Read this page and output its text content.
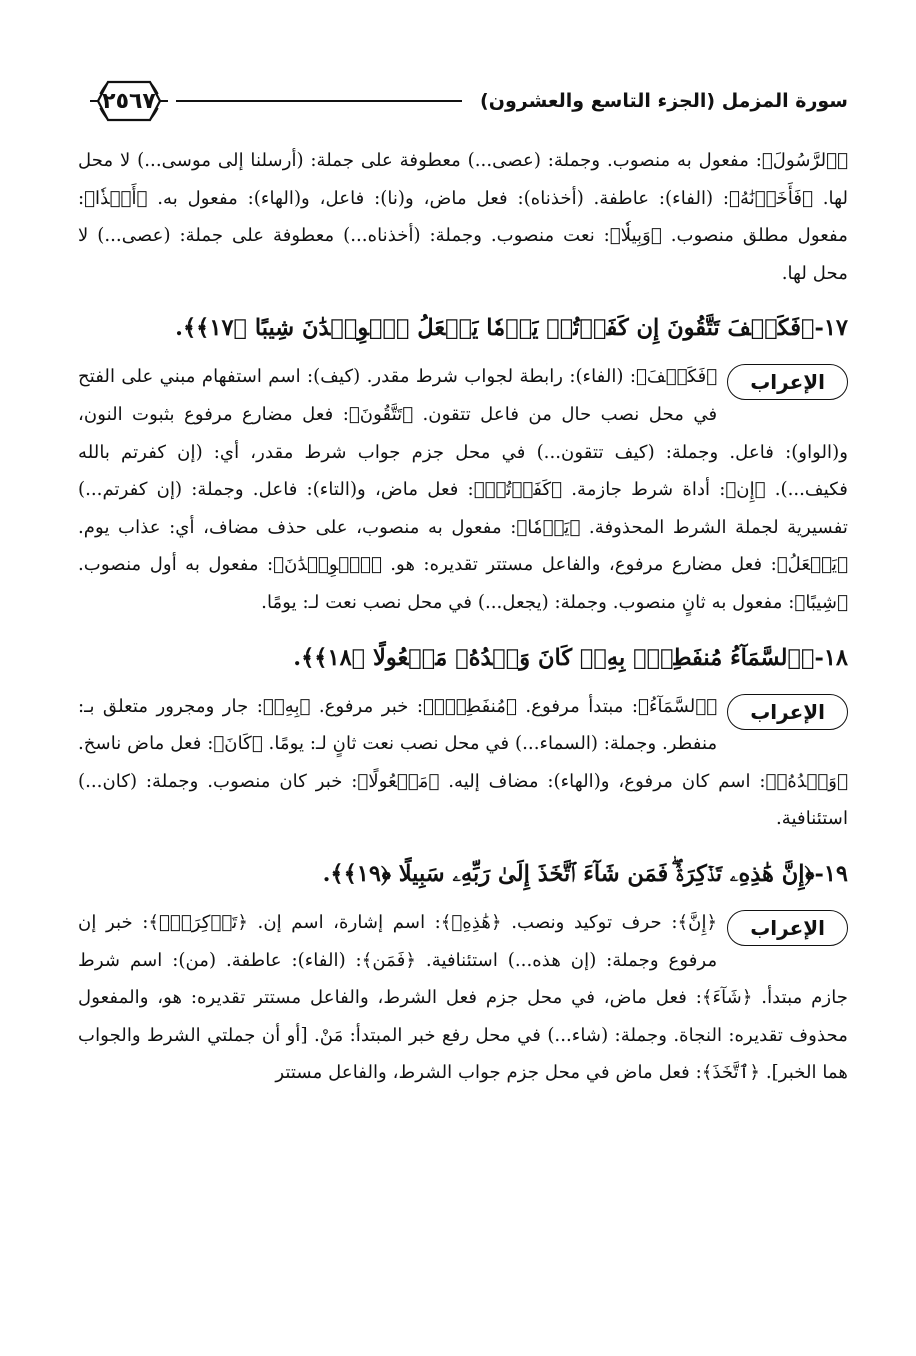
سورة المزمل (الجزء التاسع والعشرون)
٢٥٦٧

﴿ٱلرَّسُولَ﴾: مفعول به منصوب. وجملة: (عصى...) معطوفة على جملة: (أرسلنا إلى موسى...) لا محل لها. ﴿فَأَخَذۡنَٰهُ﴾: (الفاء): عاطفة. (أخذناه): فعل ماض، و(نا): فاعل، و(الهاء): مفعول به. ﴿أَخۡذٗا﴾: مفعول مطلق منصوب. ﴿وَبِيلٗا﴾: نعت منصوب. وجملة: (أخذناه...) معطوفة على جملة: (عصى...) لا محل لها.

١٧-﴿فَكَيۡفَ تَتَّقُونَ إِن كَفَرۡتُمۡ يَوۡمٗا يَجۡعَلُ ٱلۡوِلۡدَٰنَ شِيبًا ﴿١٧﴾﴾.

الإعراب
﴿فَكَيۡفَ﴾: (الفاء): رابطة لجواب شرط مقدر. (كيف): اسم استفهام مبني على الفتح في محل نصب حال من فاعل تتقون. ﴿تَتَّقُونَ﴾: فعل مضارع مرفوع بثبوت النون، و(الواو): فاعل. وجملة: (كيف تتقون...) في محل جزم جواب شرط مقدر، أي: (إن كفرتم بالله فكيف...). ﴿إِن﴾: أداة شرط جازمة. ﴿كَفَرۡتُمۡ﴾: فعل ماض، و(التاء): فاعل. وجملة: (إن كفرتم...) تفسيرية لجملة الشرط المحذوفة. ﴿يَوۡمٗا﴾: مفعول به منصوب، على حذف مضاف، أي: عذاب يوم. ﴿يَجۡعَلُ﴾: فعل مضارع مرفوع، والفاعل مستتر تقديره: هو. ﴿ٱلۡوِلۡدَٰنَ﴾: مفعول به أول منصوب. ﴿شِيبًا﴾: مفعول به ثانٍ منصوب. وجملة: (يجعل...) في محل نصب نعت لـ: يومًا.

١٨-﴿ٱلسَّمَآءُ مُنفَطِرُۢ بِهِۦۚ كَانَ وَعۡدُهُۥ مَفۡعُولًا ﴿١٨﴾﴾.

الإعراب
﴿ٱلسَّمَآءُ﴾: مبتدأ مرفوع. ﴿مُنفَطِرُۢ﴾: خبر مرفوع. ﴿بِهِۦ﴾: جار ومجرور متعلق بـ: منفطر. وجملة: (السماء...) في محل نصب نعت ثانٍ لـ: يومًا. ﴿كَانَ﴾: فعل ماض ناسخ. ﴿وَعۡدُهُۥ﴾: اسم كان مرفوع، و(الهاء): مضاف إليه. ﴿مَفۡعُولًا﴾: خبر كان منصوب. وجملة: (كان...) استئنافية.

١٩-﴿إِنَّ هَٰذِهِۦ تَذۡكِرَةٞۖ فَمَن شَآءَ ٱتَّخَذَ إِلَىٰ رَبِّهِۦ سَبِيلًا ﴿١٩﴾﴾.

الإعراب
﴿إِنَّ﴾: حرف توكيد ونصب. ﴿هَٰذِهِۦ﴾: اسم إشارة، اسم إن. ﴿تَذۡكِرَةٞۖ﴾: خبر إن مرفوع وجملة: (إن هذه...) استئنافية. ﴿فَمَن﴾: (الفاء): عاطفة. (من): اسم شرط جازم مبتدأ. ﴿شَآءَ﴾: فعل ماض، في محل جزم فعل الشرط، والفاعل مستتر تقديره: هو، والمفعول محذوف تقديره: النجاة. وجملة: (شاء...) في محل رفع خبر المبتدأ: مَنْ. [أو أن جملتي الشرط والجواب هما الخبر]. ﴿ٱتَّخَذَ﴾: فعل ماض في محل جزم جواب الشرط، والفاعل مستتر
